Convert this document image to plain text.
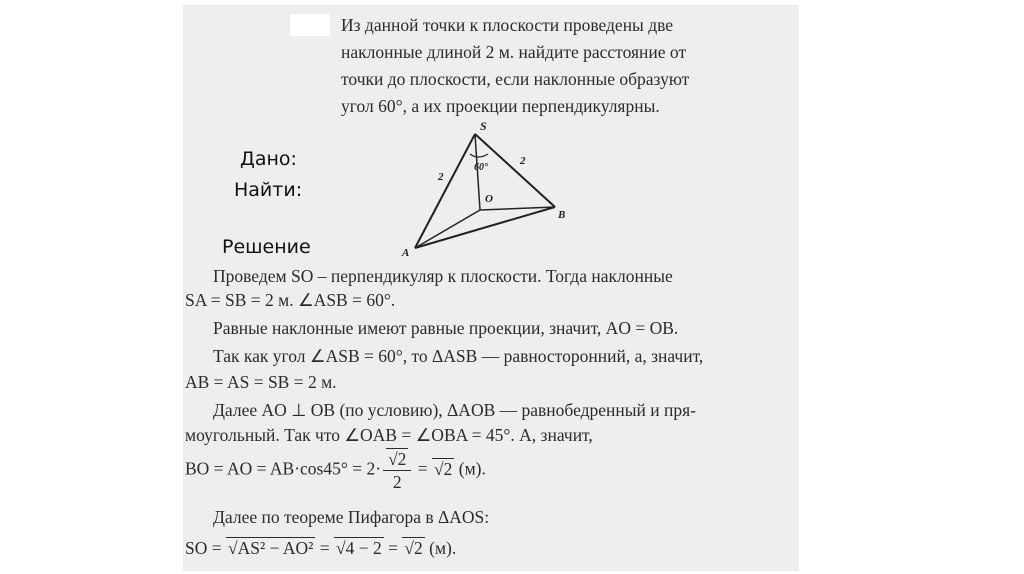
Из данной точки к плоскости проведены две
наклонные длиной 2 м. найдите расстояние от
точки до плоскости, если наклонные образуют
угол 60°, а их проекции перпендикулярны.
Дано:
Найти:
Решение
S
O
A
B
2
2
60°
Проведем SO – перпендикуляр к плоскости. Тогда наклонные
SA = SB = 2 м. ∠ASB = 60°.
Равные наклонные имеют равные проекции, значит, AO = OB.
Так как угол ∠ASB = 60°, то ΔASB — равносторонний, а, значит,
AB = AS = SB = 2 м.
Далее AO ⊥ OB (по условию), ΔAOB — равнобедренный и пря-
моугольный. Так что ∠OAB = ∠OBA = 45°. А, значит,
BO = AO = $AB\cdot\cos 45^\circ = 2\cdot \frac{√2}{2} = √2$ (м).
Далее по теореме Пифагора в ΔAOS:
SO = √AS² − AO² = √4 − 2 = √2 (м).
